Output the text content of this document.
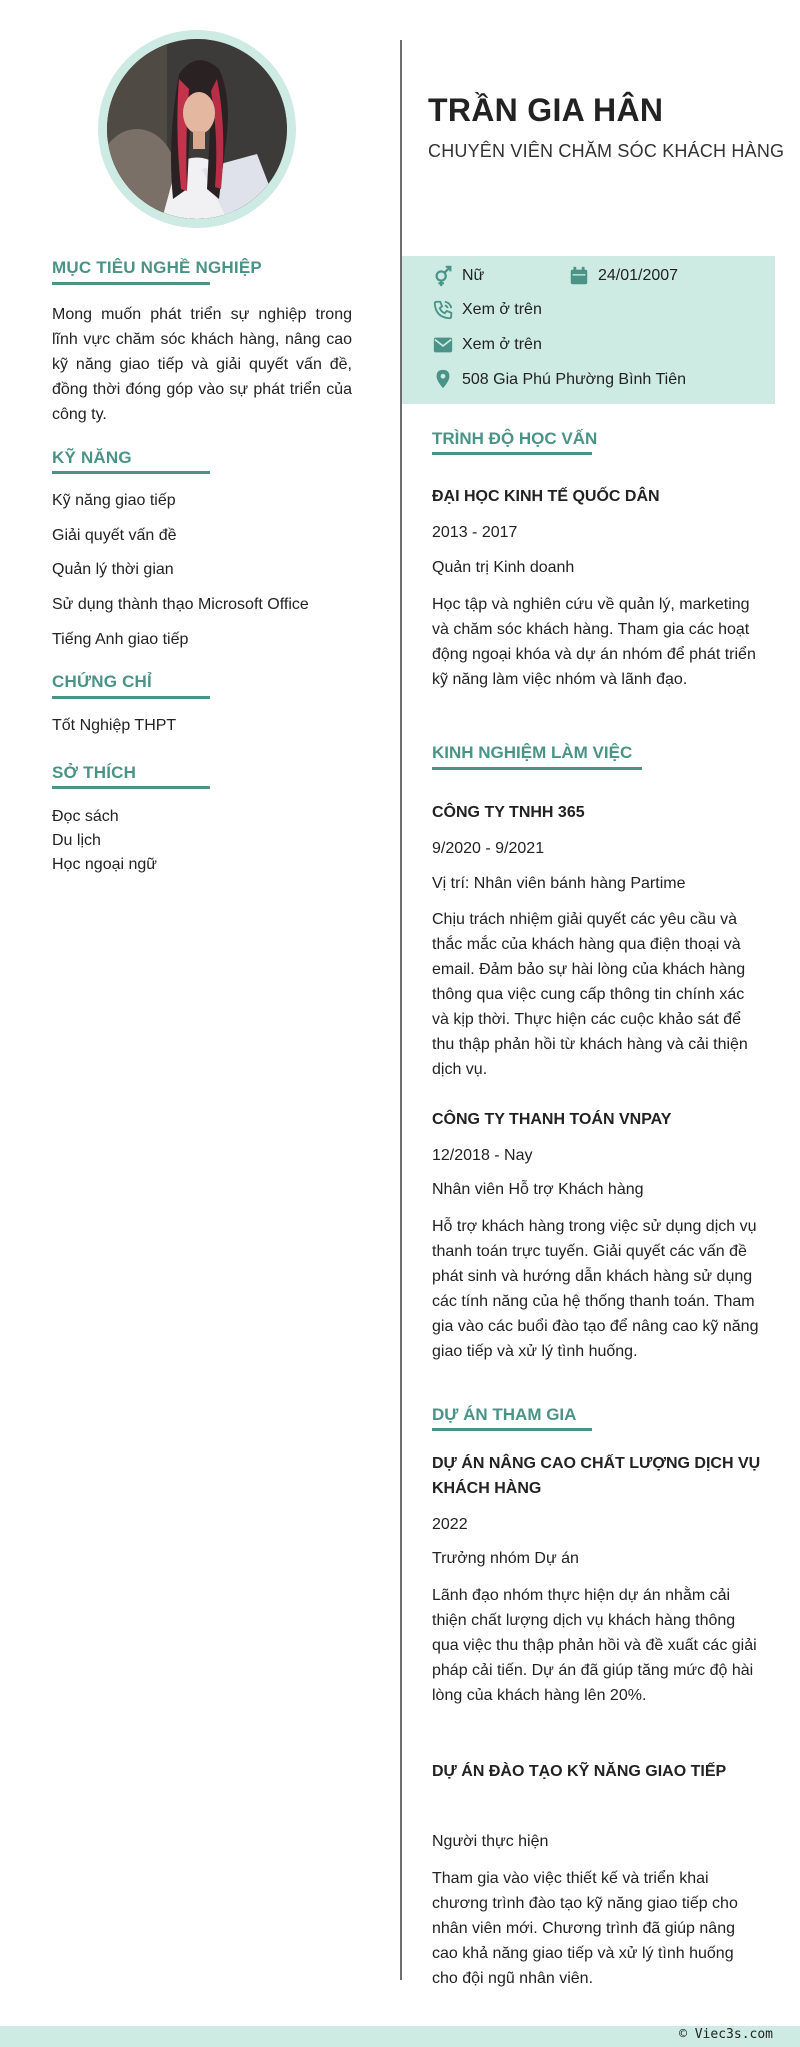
MỤC TIÊU NGHỀ NGHIỆP

Mong muốn phát triển sự nghiệp trong lĩnh vực chăm sóc khách hàng, nâng cao kỹ năng giao tiếp và giải quyết vấn đề, đồng thời đóng góp vào sự phát triển của công ty.

KỸ NĂNG
Kỹ năng giao tiếp
Giải quyết vấn đề
Quản lý thời gian
Sử dụng thành thạo Microsoft Office
Tiếng Anh giao tiếp
CHỨNG CHỈ
Tốt Nghiệp THPT
SỞ THÍCH
Đọc sách
Du lịch
Học ngoại ngữ
TRẦN GIA HÂN
CHUYÊN VIÊN CHĂM SÓC KHÁCH HÀNG
Nữ	24/01/2007
Xem ở trên
Xem ở trên
508 Gia Phú Phường Bình Tiên
TRÌNH ĐỘ HỌC VẤN
ĐẠI HỌC KINH TẾ QUỐC DÂN
2013 - 2017
Quản trị Kinh doanh

Học tập và nghiên cứu về quản lý, marketing và chăm sóc khách hàng. Tham gia các hoạt động ngoại khóa và dự án nhóm để phát triển kỹ năng làm việc nhóm và lãnh đạo.

KINH NGHIỆM LÀM VIỆC
CÔNG TY TNHH 365
9/2020 - 9/2021
Vị trí: Nhân viên bánh hàng Partime

Chịu trách nhiệm giải quyết các yêu cầu và thắc mắc của khách hàng qua điện thoại và email. Đảm bảo sự hài lòng của khách hàng thông qua việc cung cấp thông tin chính xác và kịp thời. Thực hiện các cuộc khảo sát để thu thập phản hồi từ khách hàng và cải thiện dịch vụ.

CÔNG TY THANH TOÁN VNPAY
12/2018 - Nay
Nhân viên Hỗ trợ Khách hàng

Hỗ trợ khách hàng trong việc sử dụng dịch vụ thanh toán trực tuyến. Giải quyết các vấn đề phát sinh và hướng dẫn khách hàng sử dụng các tính năng của hệ thống thanh toán. Tham gia vào các buổi đào tạo để nâng cao kỹ năng giao tiếp và xử lý tình huống.

DỰ ÁN THAM GIA
DỰ ÁN NÂNG CAO CHẤT LƯỢNG DỊCH VỤ KHÁCH HÀNG
2022
Trưởng nhóm Dự án

Lãnh đạo nhóm thực hiện dự án nhằm cải thiện chất lượng dịch vụ khách hàng thông qua việc thu thập phản hồi và đề xuất các giải pháp cải tiến. Dự án đã giúp tăng mức độ hài lòng của khách hàng lên 20%.

DỰ ÁN ĐÀO TẠO KỸ NĂNG GIAO TIẾP
Người thực hiện

Tham gia vào việc thiết kế và triển khai chương trình đào tạo kỹ năng giao tiếp cho nhân viên mới. Chương trình đã giúp nâng cao khả năng giao tiếp và xử lý tình huống cho đội ngũ nhân viên.

© Viec3s.com
